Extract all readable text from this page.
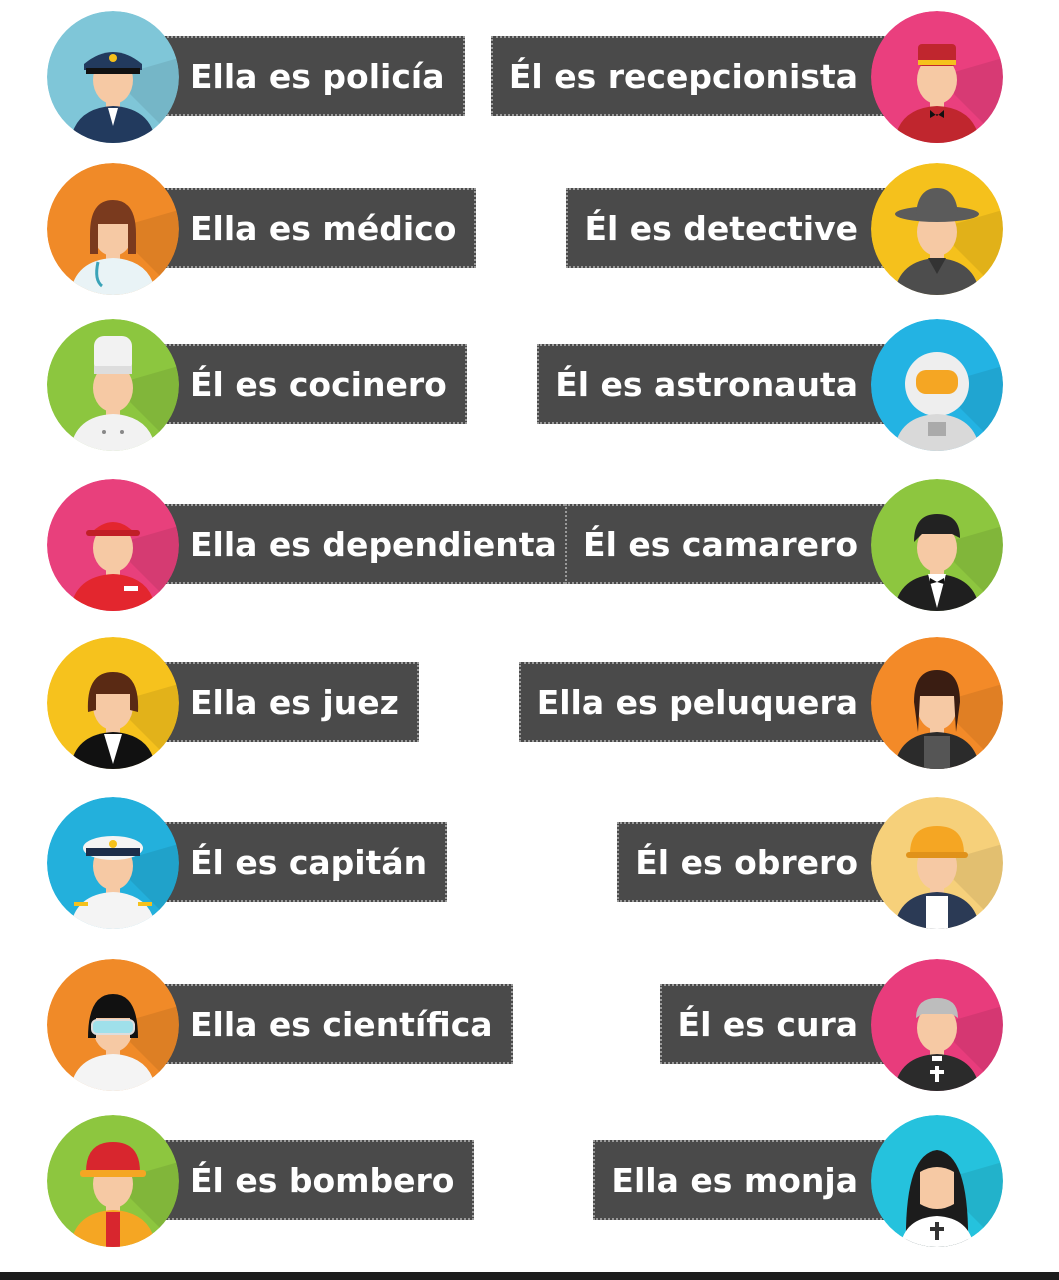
Ella es policía	Él es recepcionista
Ella es médico	Él es detective
Él es cocinero	Él es astronauta
Ella es dependienta Él es camarero
Ella es juez	Ella es peluquera
Él es capitán	Él es obrero
Ella es científica	Él es cura
Él es bombero	Ella es monja
